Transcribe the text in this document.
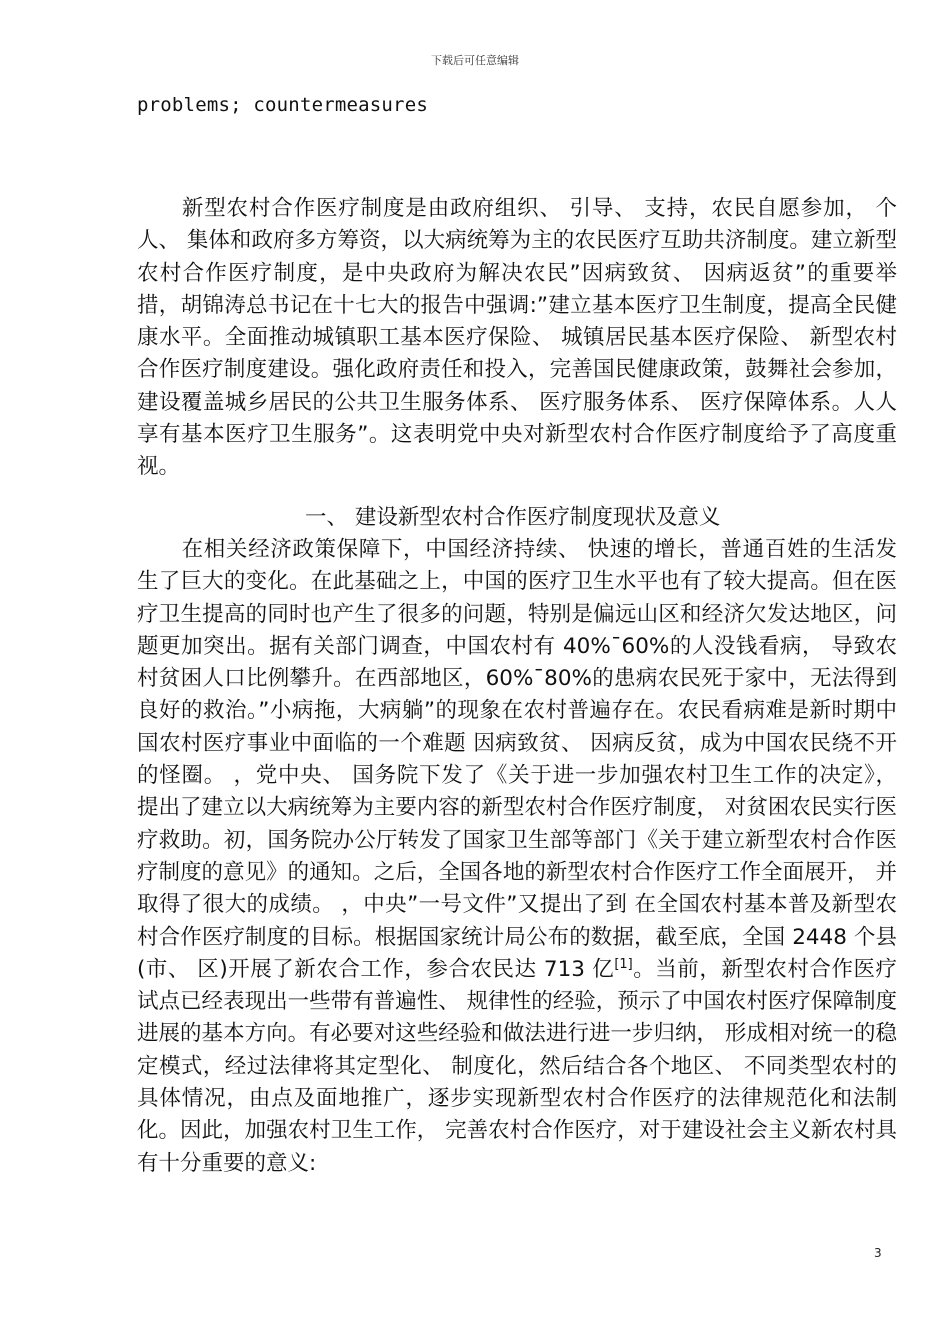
下载后可任意编辑
problems; countermeasures
新型农村合作医疗制度是由政府组织、 引导、 支持，农民自愿参加， 个人、 集体和政府多方筹资，以大病统筹为主的农民医疗互助共济制度。建立新型农村合作医疗制度，是中央政府为解决农民”因病致贫、 因病返贫”的重要举措，胡锦涛总书记在十七大的报告中强调:”建立基本医疗卫生制度，提高全民健康水平。全面推动城镇职工基本医疗保险、 城镇居民基本医疗保险、 新型农村合作医疗制度建设。强化政府责任和投入，完善国民健康政策，鼓舞社会参加，建设覆盖城乡居民的公共卫生服务体系、 医疗服务体系、 医疗保障体系。人人享有基本医疗卫生服务”。这表明党中央对新型农村合作医疗制度给予了高度重视。
一、 建设新型农村合作医疗制度现状及意义
在相关经济政策保障下，中国经济持续、 快速的增长，普通百姓的生活发生了巨大的变化。在此基础之上，中国的医疗卫生水平也有了较大提高。但在医疗卫生提高的同时也产生了很多的问题，特别是偏远山区和经济欠发达地区，问题更加突出。据有关部门调查，中国农村有 40%¯60%的人没钱看病， 导致农村贫困人口比例攀升。在西部地区，60%¯80%的患病农民死于家中，无法得到良好的救治。”小病拖，大病躺”的现象在农村普遍存在。农民看病难是新时期中国农村医疗事业中面临的一个难题 因病致贫、 因病反贫，成为中国农民绕不开的怪圈。 ，党中央、 国务院下发了《关于进一步加强农村卫生工作的决定》， 提出了建立以大病统筹为主要内容的新型农村合作医疗制度， 对贫困农民实行医疗救助。初，国务院办公厅转发了国家卫生部等部门《关于建立新型农村合作医疗制度的意见》的通知。之后，全国各地的新型农村合作医疗工作全面展开， 并取得了很大的成绩。 ，中央”一号文件”又提出了到 在全国农村基本普及新型农村合作医疗制度的目标。根据国家统计局公布的数据，截至底，全国 2448 个县(市、 区)开展了新农合工作，参合农民达 713 亿[1]。当前，新型农村合作医疗试点已经表现出一些带有普遍性、 规律性的经验，预示了中国农村医疗保障制度进展的基本方向。有必要对这些经验和做法进行进一步归纳， 形成相对统一的稳定模式，经过法律将其定型化、 制度化，然后结合各个地区、 不同类型农村的具体情况，由点及面地推广，逐步实现新型农村合作医疗的法律规范化和法制化。因此，加强农村卫生工作， 完善农村合作医疗，对于建设社会主义新农村具有十分重要的意义:
3
